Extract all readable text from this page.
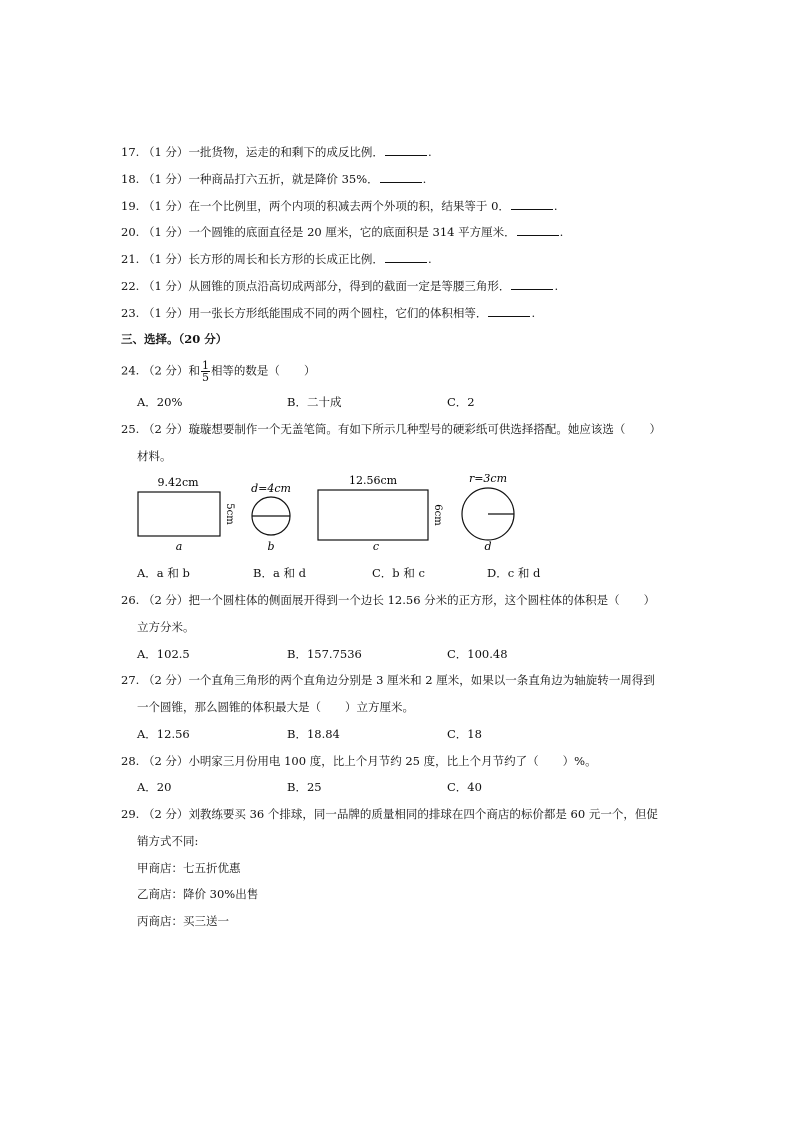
17. （1 分）一批货物，运走的和剩下的成反比例．	.
18. （1 分）一种商品打六五折，就是降价 35%．	.
19. （1 分）在一个比例里，两个内项的积减去两个外项的积，结果等于 0．	.
20. （1 分）一个圆锥的底面直径是 20 厘米，它的底面积是 314 平方厘米．	.
21. （1 分）长方形的周长和长方形的长成正比例．	.
22. （1 分）从圆锥的顶点沿高切成两部分，得到的截面一定是等腰三角形．	.
23. （1 分）用一张长方形纸能围成不同的两个圆柱，它们的体积相等．	.
三、选择。（20 分）
24. （2 分）和 $\frac{1}{5}$ 相等的数是（ ）
A．20%	B．二十成	C．2
25. （2 分）璇璇想要制作一个无盖笔筒。有如下所示几种型号的硬彩纸可供选择搭配。她应该选（ ）
材料。
9.42cm
5cm
a
d=4cm
b
12.56cm
6cm
c
r=3cm
d
A．a 和 b	B．a 和 d	C．b 和 c	D．c 和 d
26. （2 分）把一个圆柱体的侧面展开得到一个边长 12.56 分米的正方形，这个圆柱体的体积是（ ）
立方分米。
A．102.5	B．157.7536	C．100.48
27. （2 分）一个直角三角形的两个直角边分别是 3 厘米和 2 厘米，如果以一条直角边为轴旋转一周得到
一个圆锥，那么圆锥的体积最大是（ ）立方厘米。
A．12.56	B．18.84	C．18
28. （2 分）小明家三月份用电 100 度，比上个月节约 25 度，比上个月节约了（ ）%。
A．20	B．25	C．40
29. （2 分）刘教练要买 36 个排球，同一品牌的质量相同的排球在四个商店的标价都是 60 元一个，但促
销方式不同:
甲商店：七五折优惠
乙商店：降价 30%出售
丙商店：买三送一
